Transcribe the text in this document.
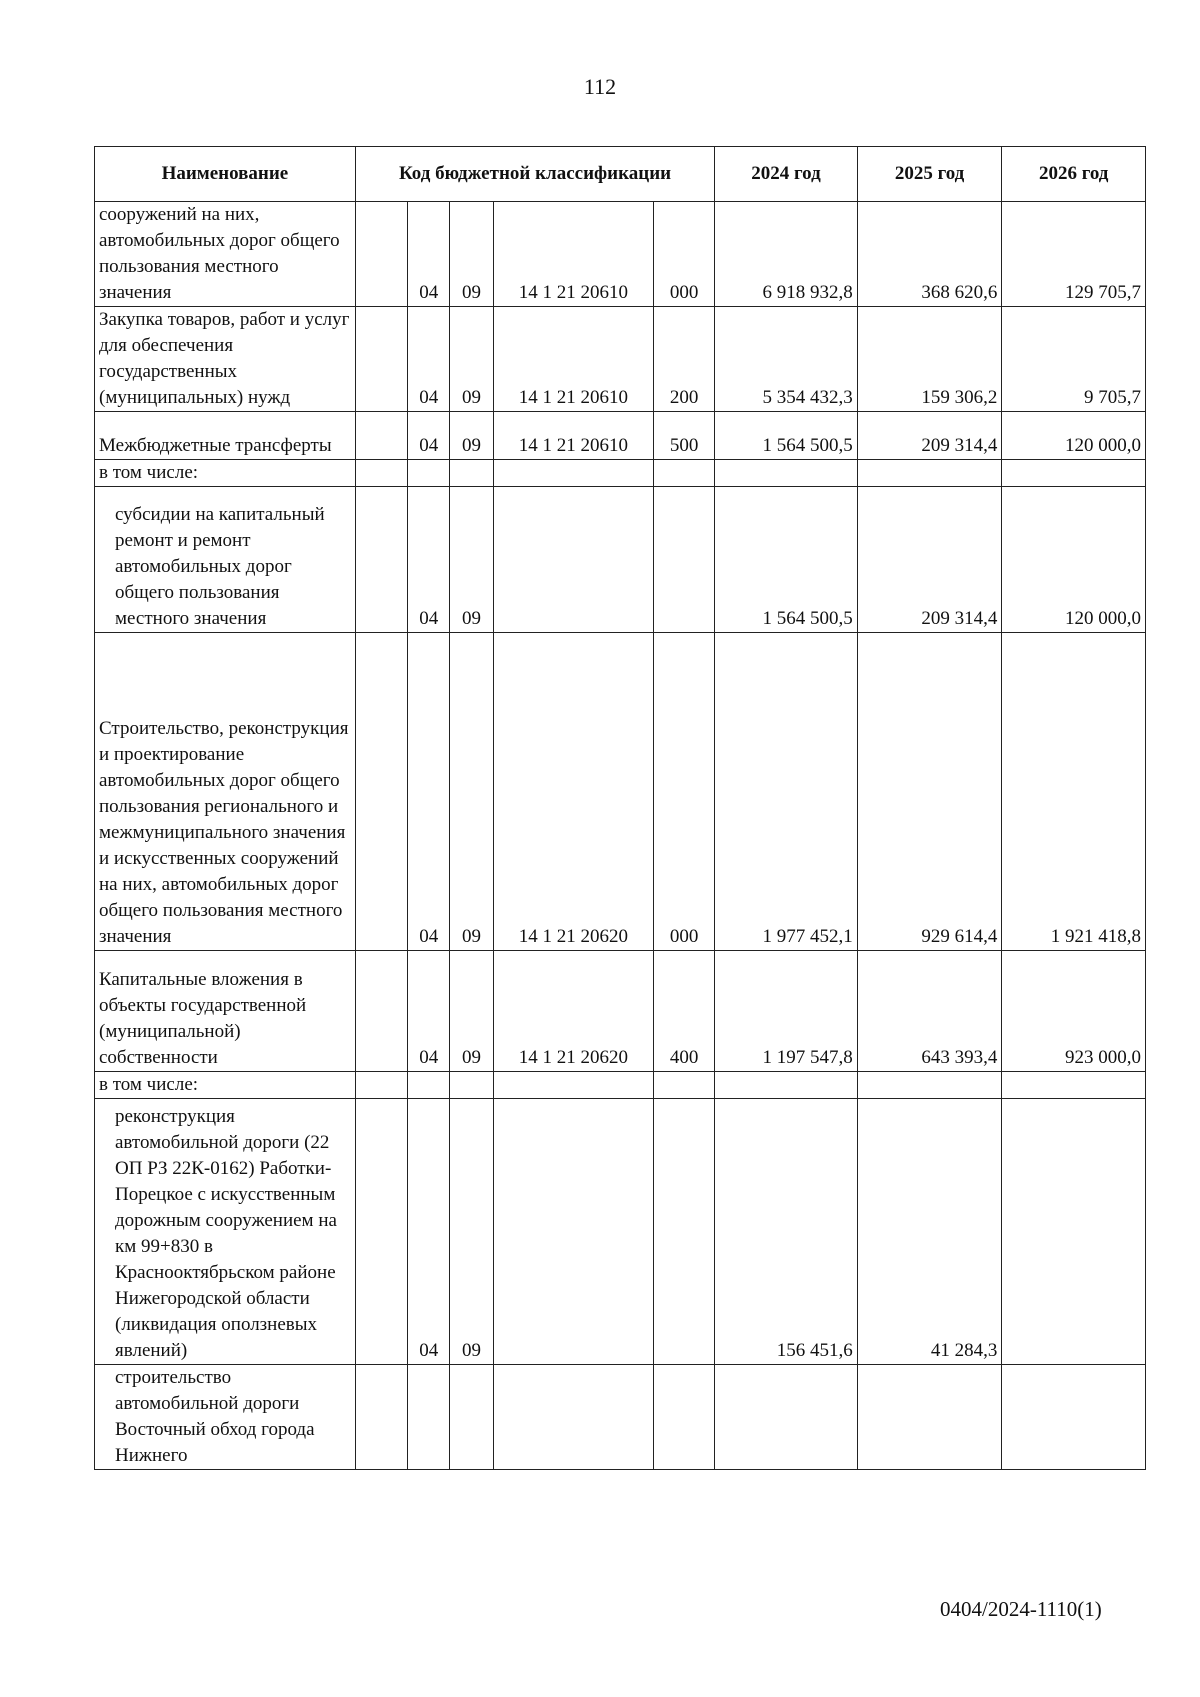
112
Наименование	Код бюджетной классификации					2024 год	2025 год	2026 год
сооружений на них, автомобильных дорог общего пользования местного значения		04	09	14 1 21 20610	000	6 918 932,8	368 620,6	129 705,7
Закупка товаров, работ и услуг для обеспечения государственных (муниципальных) нужд		04	09	14 1 21 20610	200	5 354 432,3	159 306,2	9 705,7
Межбюджетные трансферты		04	09	14 1 21 20610	500	1 564 500,5	209 314,4	120 000,0
в том числе:								
субсидии на капитальный ремонт и ремонт автомобильных дорог общего пользования местного значения		04	09			1 564 500,5	209 314,4	120 000,0
Строительство, реконструкция и проектирование автомобильных дорог общего пользования регионального и межмуниципального значения и искусственных сооружений на них, автомобильных дорог общего пользования местного значения		04	09	14 1 21 20620	000	1 977 452,1	929 614,4	1 921 418,8
Капитальные вложения в объекты государственной (муниципальной) собственности		04	09	14 1 21 20620	400	1 197 547,8	643 393,4	923 000,0
в том числе:								
реконструкция автомобильной дороги (22 ОП РЗ 22К-0162) Работки-Порецкое с искусственным дорожным сооружением на км 99+830 в Краснооктябрьском районе Нижегородской области (ликвидация оползневых явлений)		04	09			156 451,6	41 284,3	
строительство автомобильной дороги Восточный обход города Нижнего								
0404/2024-1110(1)
